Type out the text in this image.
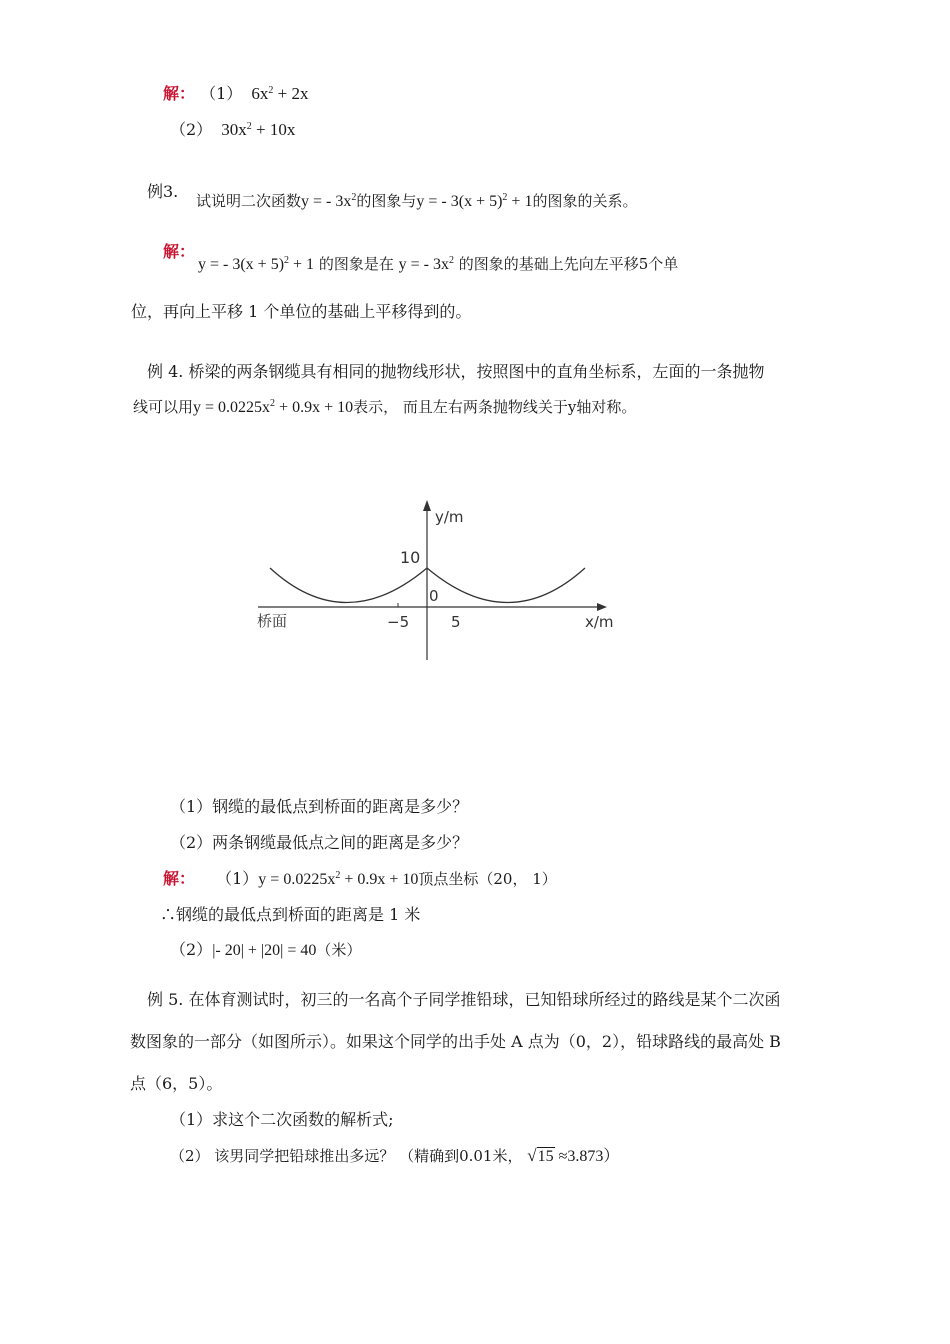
解： （1） $6x^2 + 2x$
（2） $30x^2 + 10x$
例3. 试说明二次函数y = - $3x^2$的图象与y = - $3(x + 5)^2 + 1$的图象的关系。
解：
y = - $3(x + 5)^2 + 1$ 的图象是在 y = - $3x^2$ 的图象的基础上先向左平移5个单
位，再向上平移 1 个单位的基础上平移得到的。
例 4. 桥梁的两条钢缆具有相同的抛物线形状，按照图中的直角坐标系，左面的一条抛物
线可以用$y = 0.0225x^2 + 0.9x + 10$表示， 而且左右两条抛物线关于y轴对称。
y/m
10
0
桥面	−5	5	x/m
（1）钢缆的最低点到桥面的距离是多少？
（2）两条钢缆最低点之间的距离是多少？
解： $(1)y = 0.0225x^2 + 0.9x + 10$顶点坐标（20， 1）
∴钢缆的最低点到桥面的距离是 1 米
（2）|- 20| + |20| = 40（米）
例 5. 在体育测试时，初三的一名高个子同学推铅球，已知铅球所经过的路线是某个二次函
数图象的一部分（如图所示）。如果这个同学的出手处 A 点为（0，2），铅球路线的最高处 B
点（6，5）。
（1）求这个二次函数的解析式;
（2） 该男同学把铅球推出多远？ （精确到0.01米， √15 ≈3.873）
